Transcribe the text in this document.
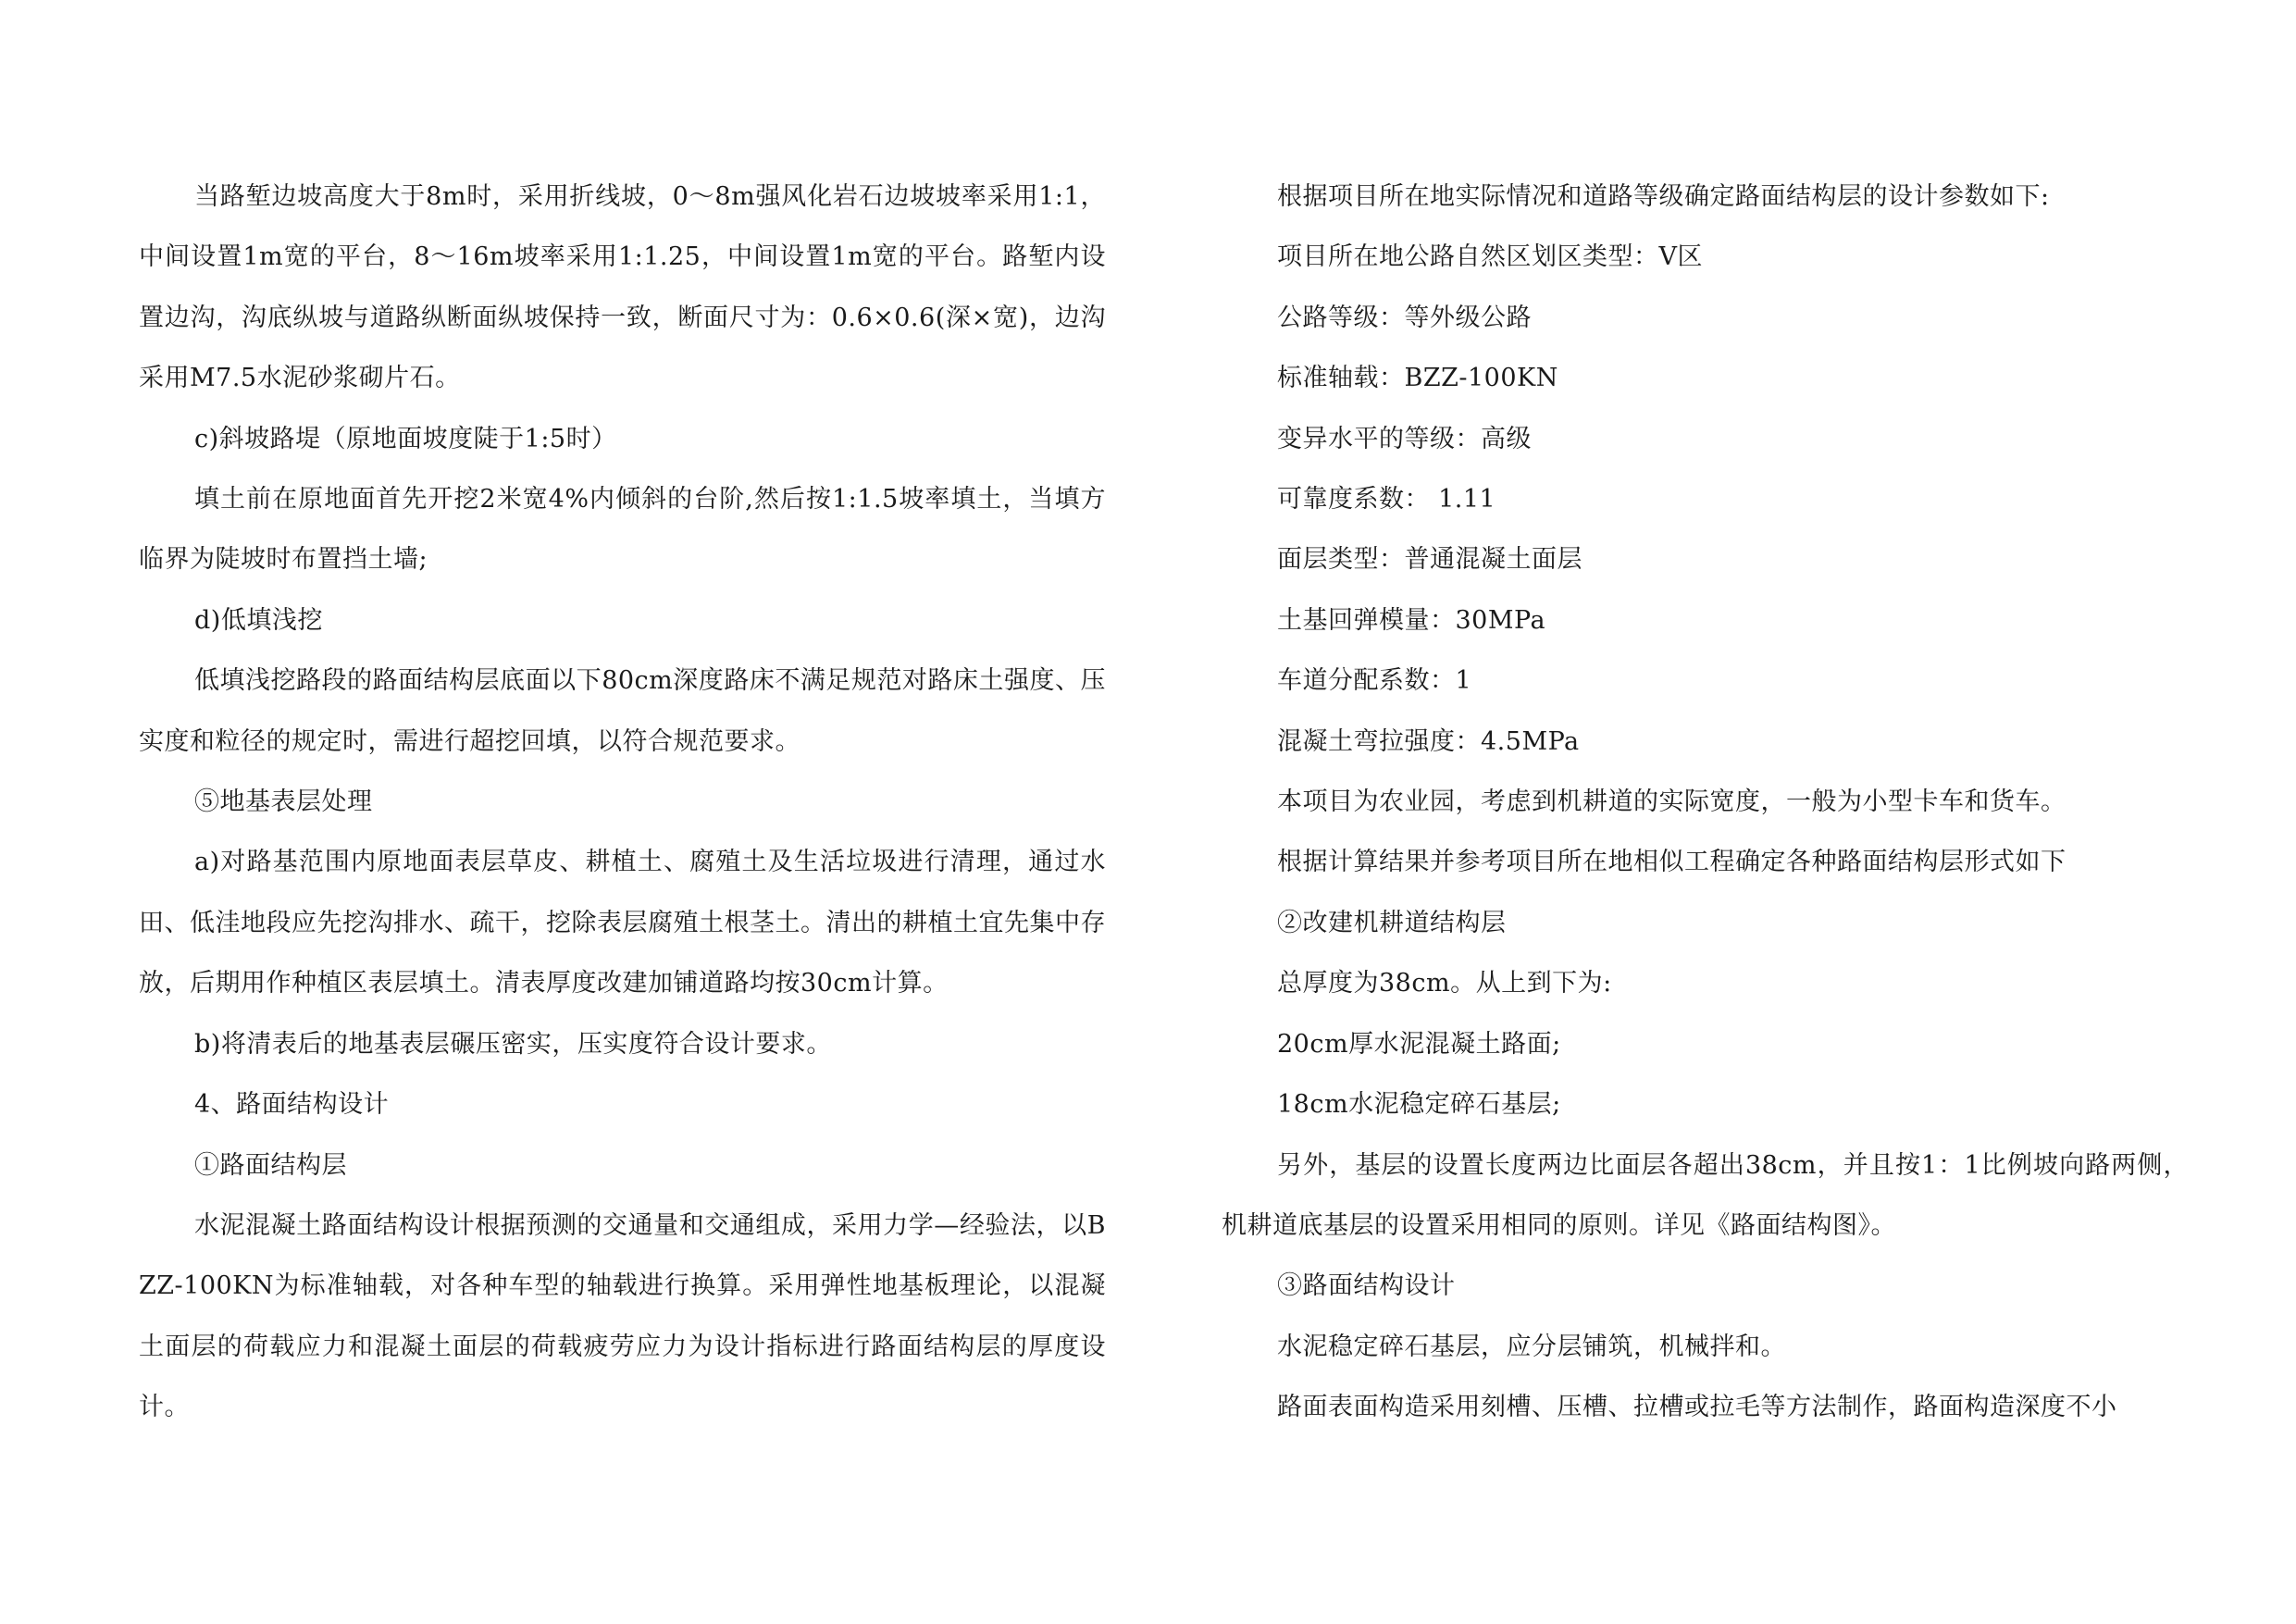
当路堑边坡高度大于8m时，采用折线坡，0～8m强风化岩石边坡坡率采用1:1，中间设置1m宽的平台，8～16m坡率采用1:1.25，中间设置1m宽的平台。路堑内设置边沟，沟底纵坡与道路纵断面纵坡保持一致，断面尺寸为：0.6×0.6(深×宽)，边沟采用M7.5水泥砂浆砌片石。

c)斜坡路堤（原地面坡度陡于1:5时）

填土前在原地面首先开挖2米宽4%内倾斜的台阶,然后按1:1.5坡率填土，当填方临界为陡坡时布置挡土墙;

d)低填浅挖

低填浅挖路段的路面结构层底面以下80cm深度路床不满足规范对路床土强度、压实度和粒径的规定时，需进行超挖回填，以符合规范要求。

⑤地基表层处理

a)对路基范围内原地面表层草皮、耕植土、腐殖土及生活垃圾进行清理，通过水田、低洼地段应先挖沟排水、疏干，挖除表层腐殖土根茎土。清出的耕植土宜先集中存放，后期用作种植区表层填土。清表厚度改建加铺道路均按30cm计算。

b)将清表后的地基表层碾压密实，压实度符合设计要求。

4、路面结构设计

①路面结构层

水泥混凝土路面结构设计根据预测的交通量和交通组成，采用力学—经验法，以BZZ-100KN为标准轴载，对各种车型的轴载进行换算。采用弹性地基板理论，以混凝土面层的荷载应力和混凝土面层的荷载疲劳应力为设计指标进行路面结构层的厚度设计。

根据项目所在地实际情况和道路等级确定路面结构层的设计参数如下:

项目所在地公路自然区划区类型：Ⅴ区

公路等级：等外级公路

标准轴载：BZZ-100KN

变异水平的等级：高级

可靠度系数： 1.11

面层类型：普通混凝土面层

土基回弹模量：30MPa

车道分配系数：1

混凝土弯拉强度：4.5MPa

本项目为农业园，考虑到机耕道的实际宽度，一般为小型卡车和货车。

根据计算结果并参考项目所在地相似工程确定各种路面结构层形式如下

②改建机耕道结构层

总厚度为38cm。从上到下为:

20cm厚水泥混凝土路面;

18cm水泥稳定碎石基层;

另外，基层的设置长度两边比面层各超出38cm，并且按1：1比例坡向路两侧，机耕道底基层的设置采用相同的原则。详见《路面结构图》。

③路面结构设计

水泥稳定碎石基层，应分层铺筑，机械拌和。

路面表面构造采用刻槽、压槽、拉槽或拉毛等方法制作，路面构造深度不小
